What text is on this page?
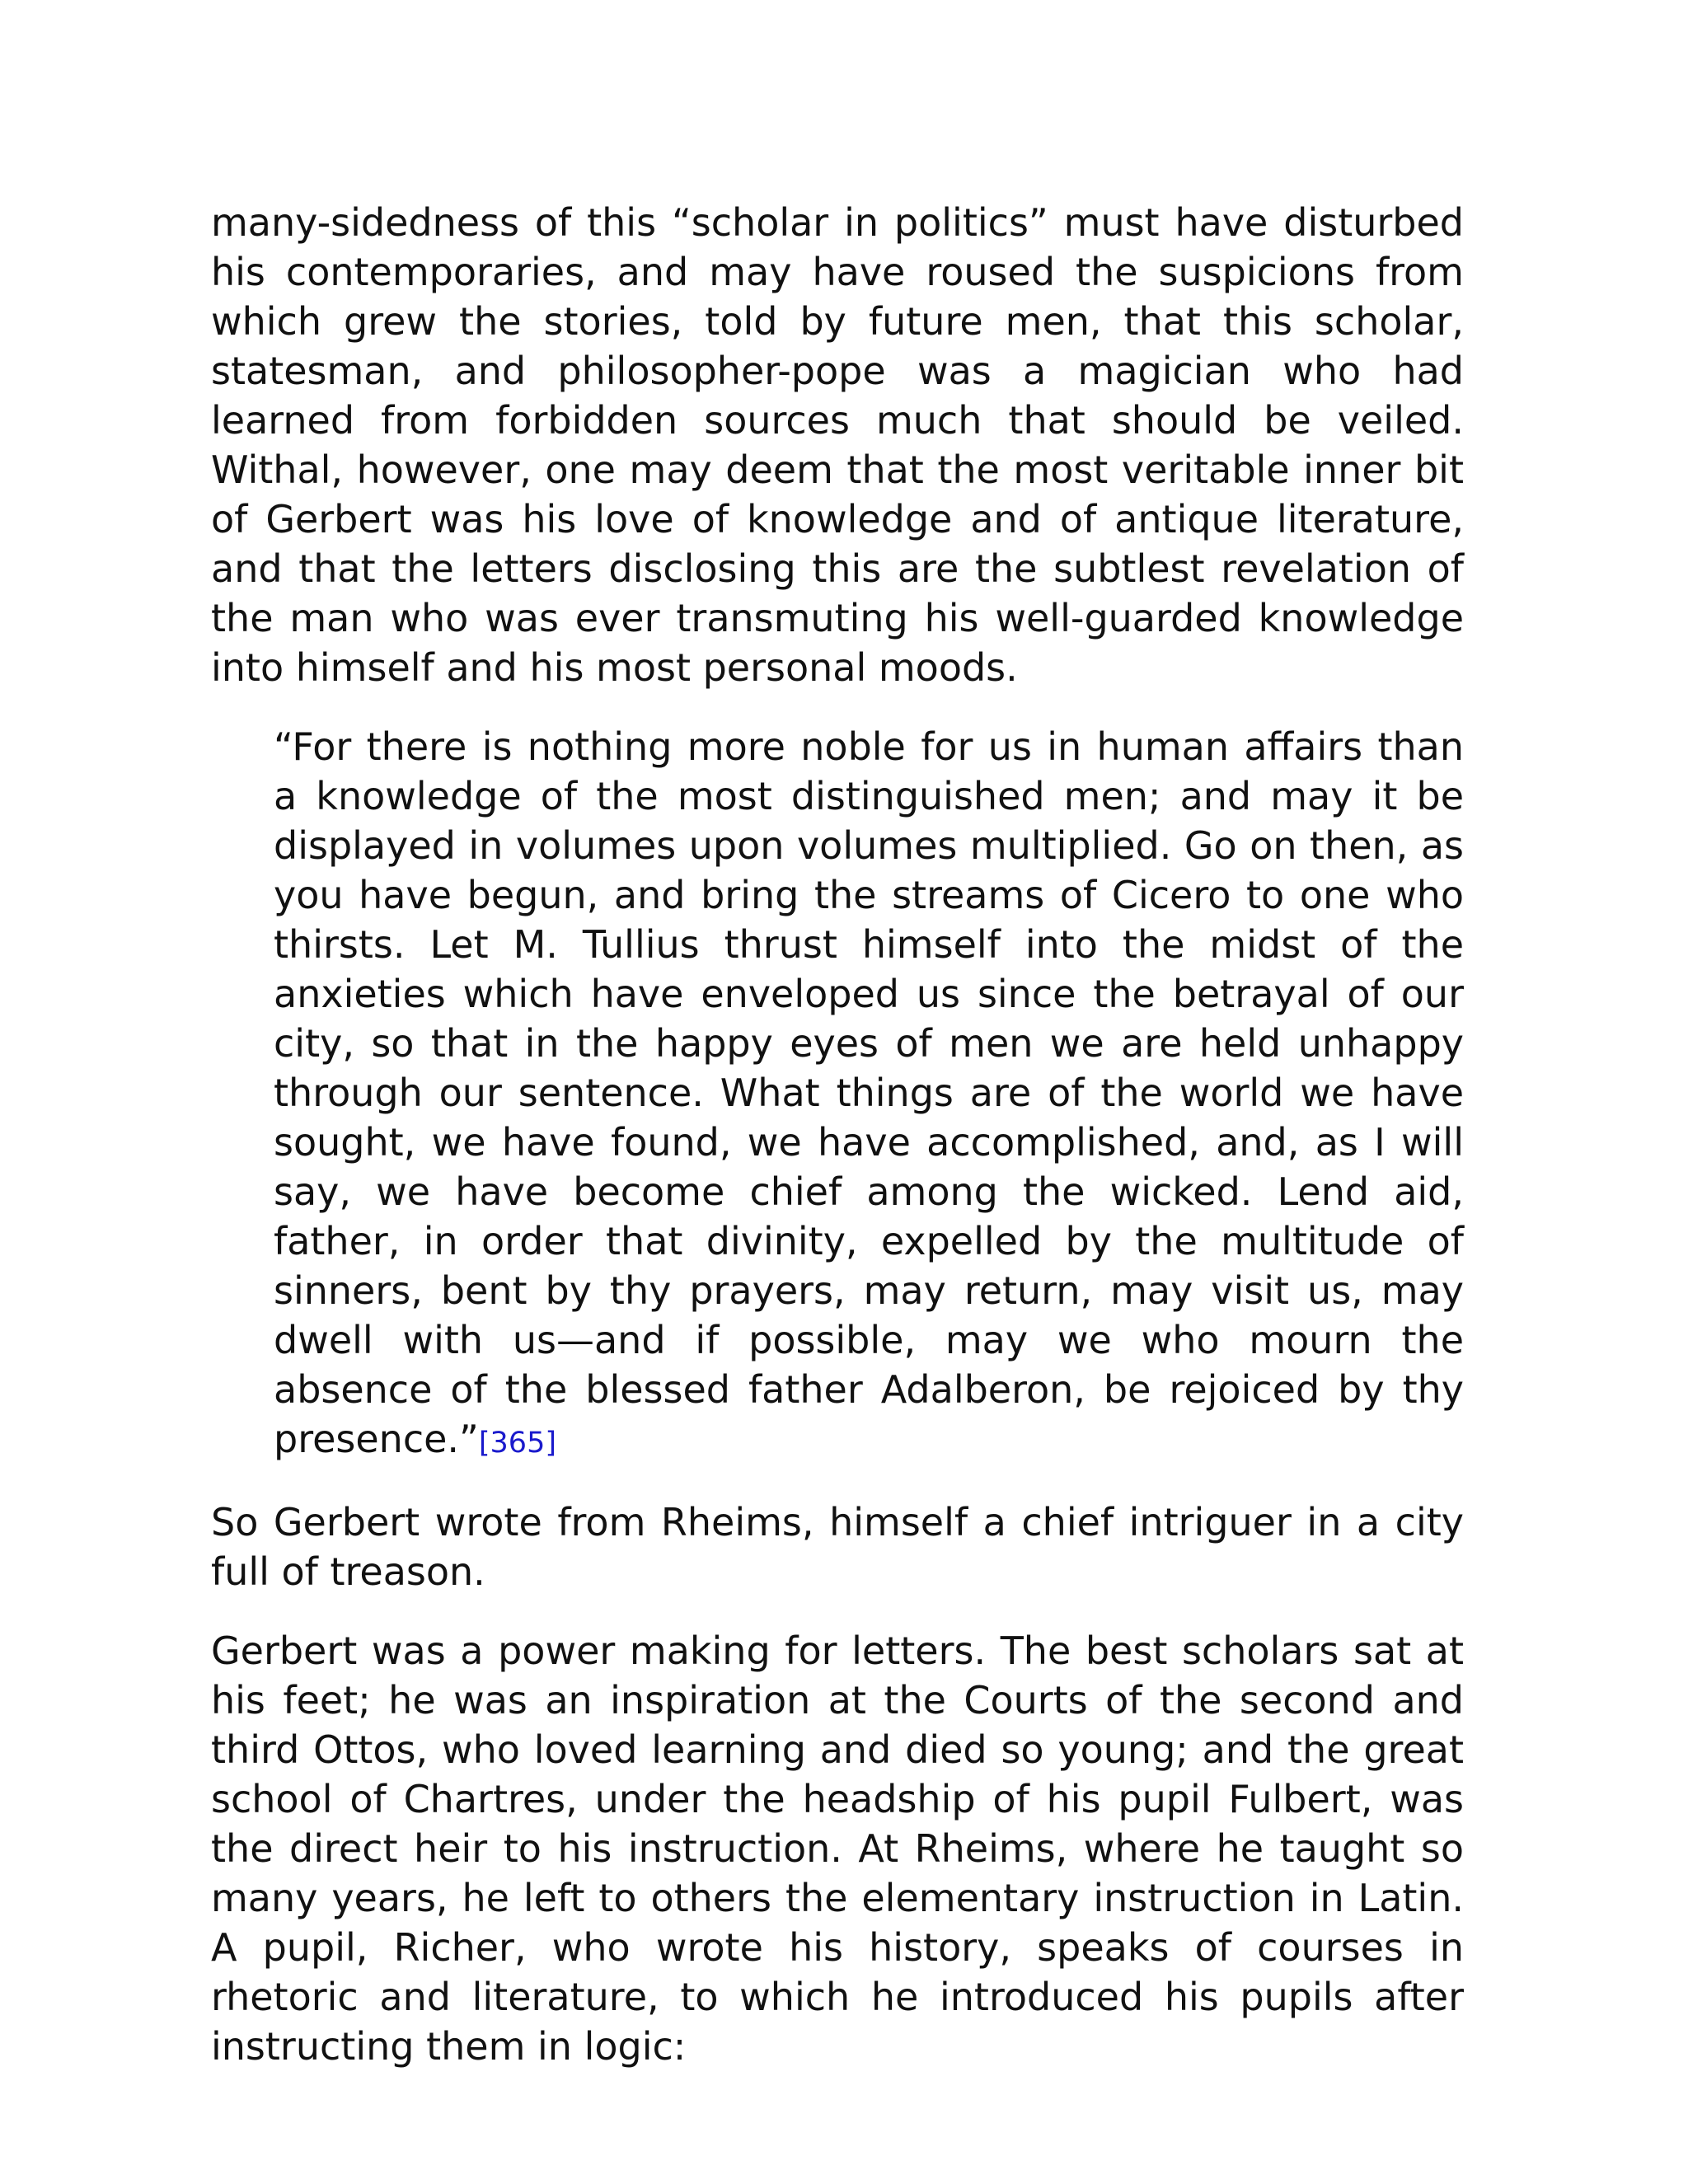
many-sidedness of this “scholar in politics” must have disturbed his contemporaries, and may have roused the suspicions from which grew the stories, told by future men, that this scholar, statesman, and philosopher-pope was a magician who had learned from forbidden sources much that should be veiled. Withal, however, one may deem that the most veritable inner bit of Gerbert was his love of knowledge and of antique literature, and that the letters disclosing this are the subtlest revelation of the man who was ever transmuting his well-guarded knowledge into himself and his most personal moods.

“For there is nothing more noble for us in human affairs than a knowledge of the most distinguished men; and may it be displayed in volumes upon volumes multiplied. Go on then, as you have begun, and bring the streams of Cicero to one who thirsts. Let M. Tullius thrust himself into the midst of the anxieties which have enveloped us since the betrayal of our city, so that in the happy eyes of men we are held unhappy through our sentence. What things are of the world we have sought, we have found, we have accomplished, and, as I will say, we have become chief among the wicked. Lend aid, father, in order that divinity, expelled by the multitude of sinners, bent by thy prayers, may return, may visit us, may dwell with us—and if possible, may we who mourn the absence of the blessed father Adalberon, be rejoiced by thy presence.”[365]

So Gerbert wrote from Rheims, himself a chief intriguer in a city full of treason.

Gerbert was a power making for letters. The best scholars sat at his feet; he was an inspiration at the Courts of the second and third Ottos, who loved learning and died so young; and the great school of Chartres, under the headship of his pupil Fulbert, was the direct heir to his instruction. At Rheims, where he taught so many years, he left to others the elementary instruction in Latin. A pupil, Richer, who wrote his history, speaks of courses in rhetoric and literature, to which he introduced his pupils after instructing them in logic:
